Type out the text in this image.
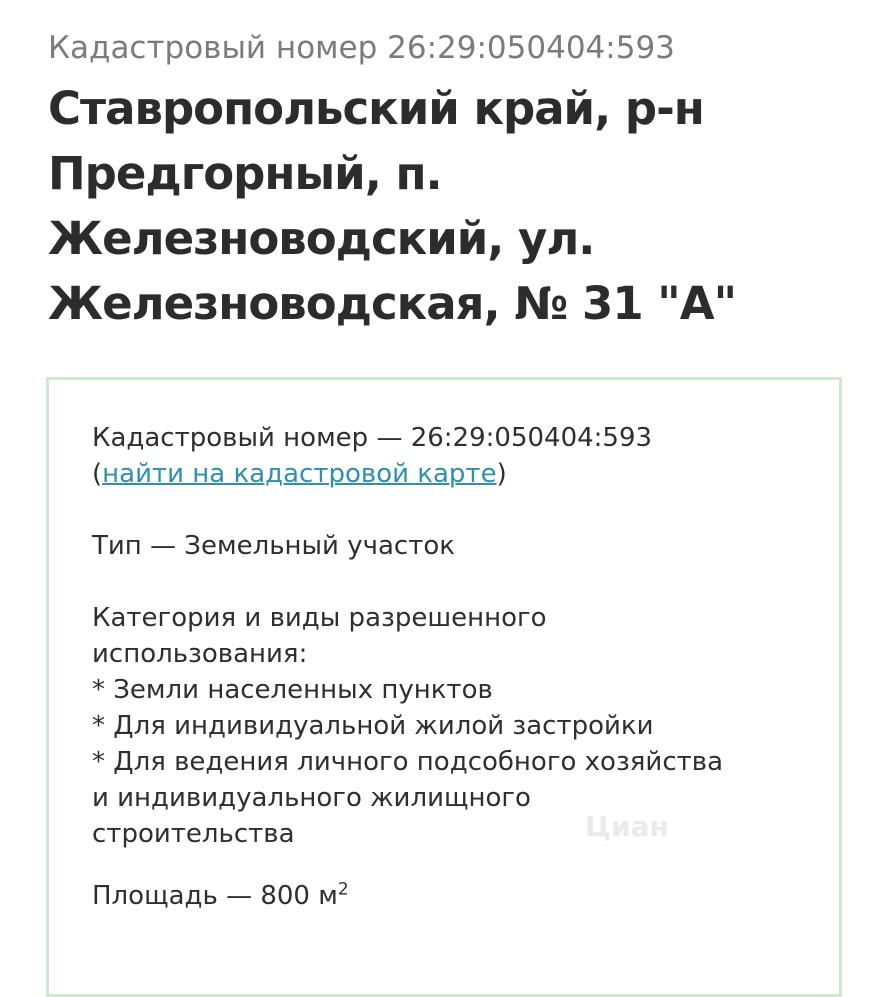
Кадастровый номер 26:29:050404:593
Ставропольский край, р-н
Предгорный, п.
Железноводский, ул.
Железноводская, № 31 "А"

Кадастровый номер — 26:29:050404:593

(найти на кадастровой карте)

Тип — Земельный участок

Категория и виды разрешенного

использования:

* Земли населенных пунктов

* Для индивидуальной жилой застройки

* Для ведения личного подсобного хозяйства

и индивидуального жилищного

строительства

Площадь — 800 $м^2$

Циан
